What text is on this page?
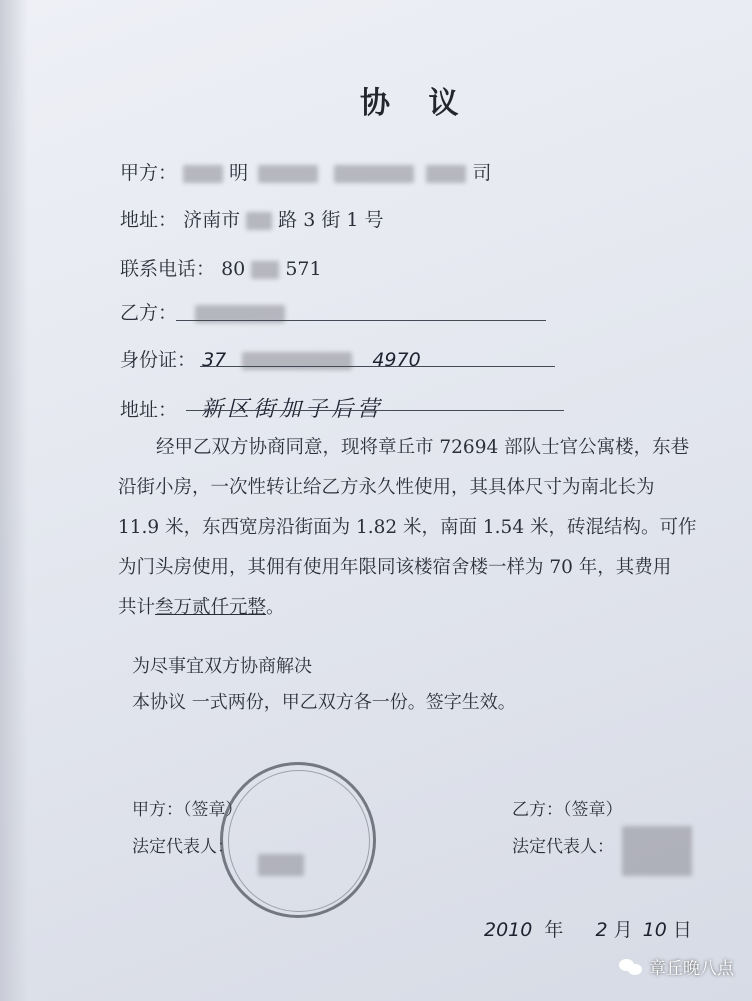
协 议
甲方：	明	司
地址： 济南市 路 3 街 1 号
联系电话： 80 571
乙方：
身份证： 37	4970
地址： 新区街加子后营
经甲乙双方协商同意，现将章丘市 72694 部队士官公寓楼，东巷
沿街小房，一次性转让给乙方永久性使用，其具体尺寸为南北长为
11.9 米，东西宽房沿街面为 1.82 米，南面 1.54 米，砖混结构。可作
为门头房使用，其佣有使用年限同该楼宿舍楼一样为 70 年，其费用
共计叁万贰仟元整。
为尽事宜双方协商解决
本协议 一式两份，甲乙双方各一份。签字生效。
甲方：（签章）
法定代表人：
乙方：（签章）
法定代表人：
2010 年 2 月 10 日
章丘晚八点
